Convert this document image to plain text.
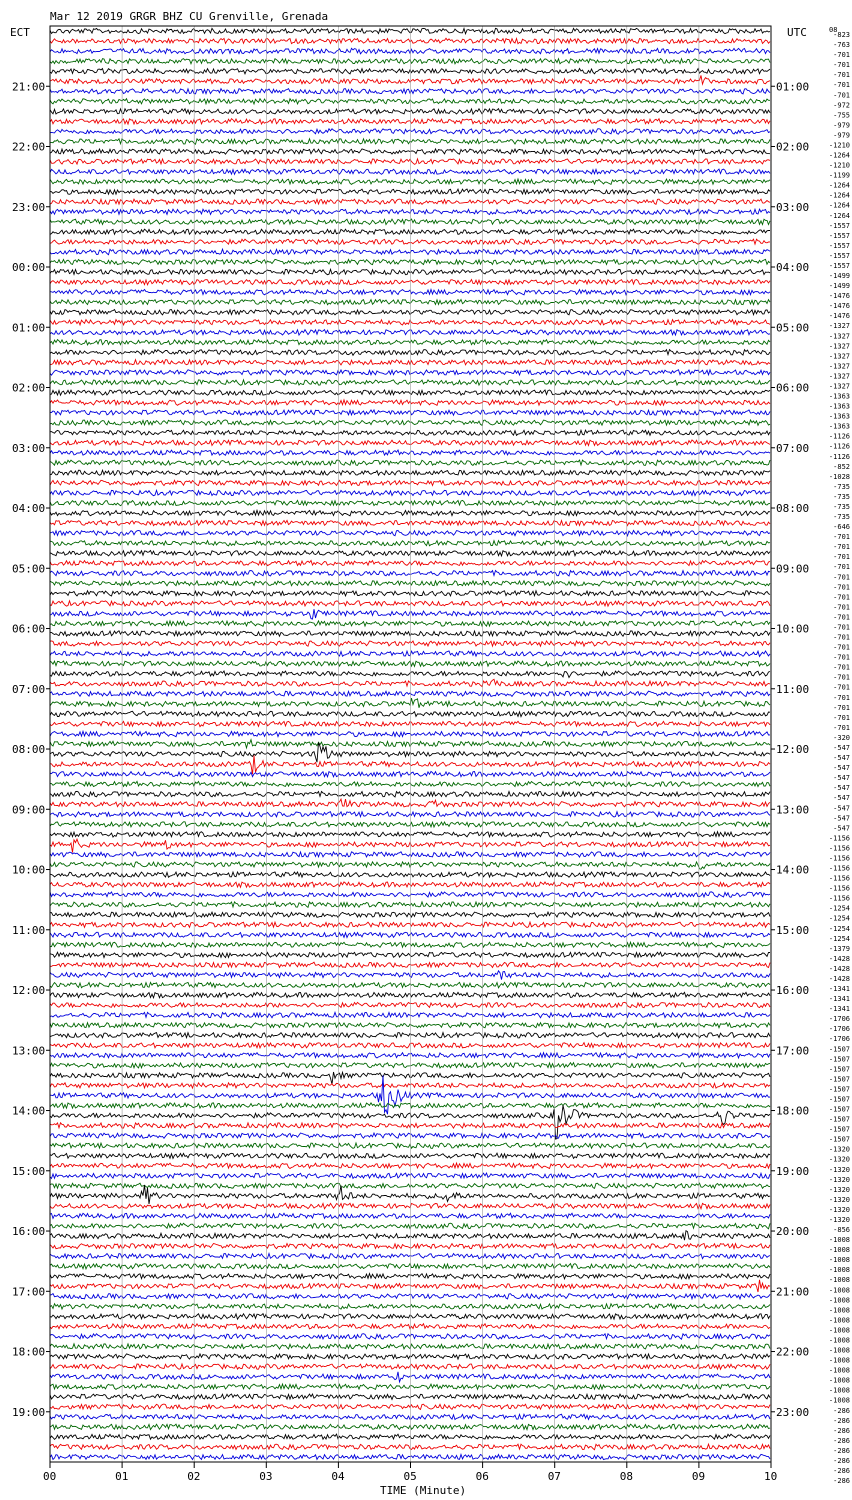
Mar 12 2019 GRGR BHZ CU Grenville, Grenada
ECT	UTC	08
00	01	02	03	04	05	06	07	08	09	10
21:00
22:00
23:00
00:00
01:00
02:00
03:00
04:00
05:00
06:00
07:00
08:00
09:00
10:00
11:00
12:00
13:00
14:00
15:00
16:00
17:00
18:00
19:00
01:00
02:00
03:00
04:00
05:00
06:00
07:00
08:00
09:00
10:00
11:00
12:00
13:00
14:00
15:00
16:00
17:00
18:00
19:00
20:00
21:00
22:00
23:00
-823
-763
-701
-701
-701
-701
-701
-972
-755
-979
-979
-1210
-1264
-1210
-1199
-1264
-1264
-1264
-1264
-1557
-1557
-1557
-1557
-1557
-1499
-1499
-1476
-1476
-1476
-1327
-1327
-1327
-1327
-1327
-1327
-1327
-1363
-1363
-1363
-1363
-1126
-1126
-1126
-852
-1028
-735
-735
-735
-735
-646
-701
-701
-701
-701
-701
-701
-701
-701
-701
-701
-701
-701
-701
-701
-701
-701
-701
-701
-701
-701
-320
-547
-547
-547
-547
-547
-547
-547
-547
-547
-1156
-1156
-1156
-1156
-1156
-1156
-1156
-1254
-1254
-1254
-1254
-1379
-1428
-1428
-1428
-1341
-1341
-1341
-1706
-1706
-1706
-1507
-1507
-1507
-1507
-1507
-1507
-1507
-1507
-1507
-1507
-1320
-1320
-1320
-1320
-1320
-1320
-1320
-1320
-856
-1008
-1008
-1008
-1008
-1008
-1008
-1008
-1008
-1008
-1008
-1008
-1008
-1008
-1008
-1008
-1008
-1008
-286
-286
-286
-286
-286
-286
-286
-286
TIME (Minute)
